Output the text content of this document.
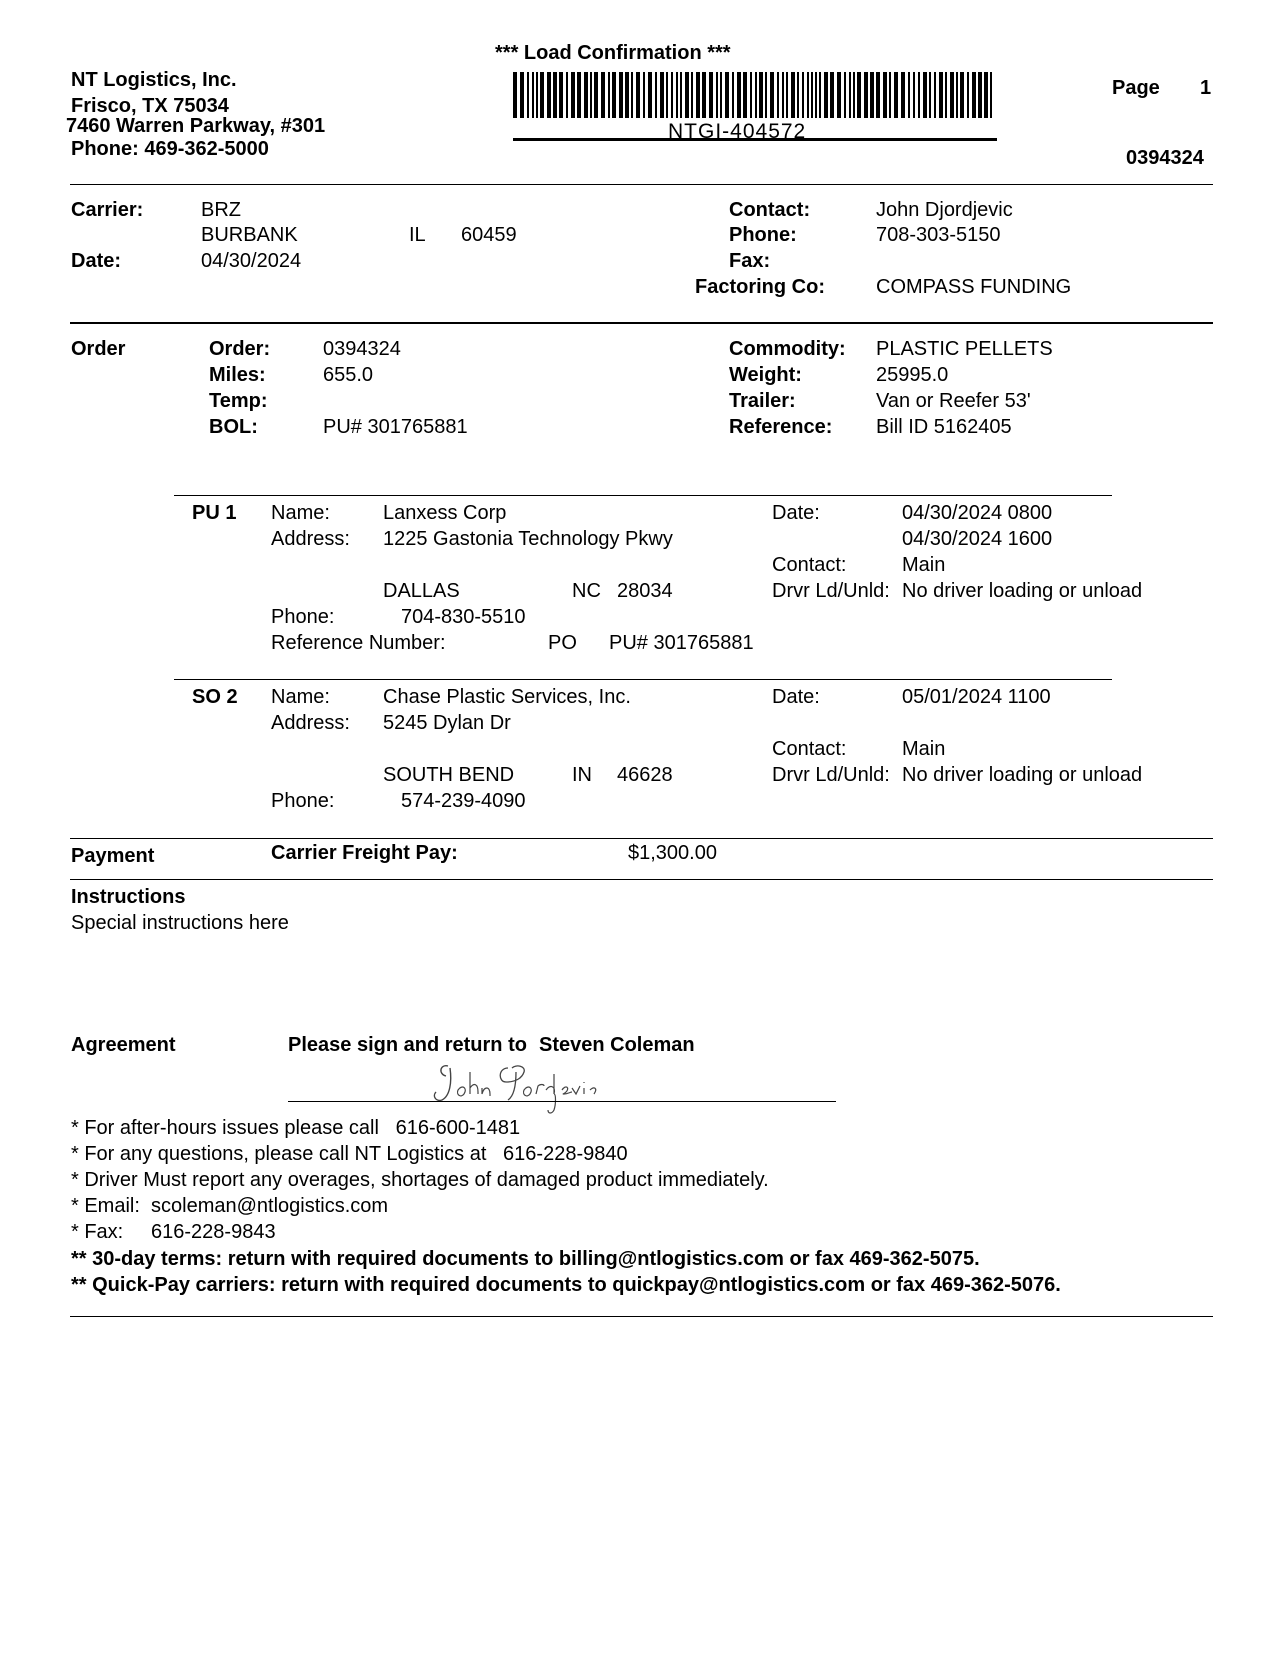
*** Load Confirmation ***
NT Logistics, Inc.
Frisco, TX 75034
7460 Warren Parkway, #301
Phone: 469-362-5000
NTGI-404572
Page 1
0394324
Carrier:	BRZ
BURBANK	IL 60459
Date:	04/30/2024
Contact:	John Djordjevic
Phone:	708-303-5150
Fax:
Factoring Co:	COMPASS FUNDING
Order	Order:	0394324
Miles:	655.0
Temp:
BOL:	PU# 301765881
Commodity: PLASTIC PELLETS
Weight:	25995.0
Trailer:	Van or Reefer 53'
Reference: Bill ID 5162405
PU 1 Name:	Lanxess Corp
Address: 1225 Gastonia Technology Pkwy
DALLAS	NC 28034
Phone:	704-830-5510
Reference Number:	PO PU# 301765881
Date:	04/30/2024 0800
04/30/2024 1600
Contact:	Main
Drvr Ld/Unld: No driver loading or unload
SO 2 Name:	Chase Plastic Services, Inc.
Address: 5245 Dylan Dr
SOUTH BEND	IN 46628
Phone:	574-239-4090
Date:	05/01/2024 1100
Contact:	Main
Drvr Ld/Unld: No driver loading or unload
Payment	Carrier Freight Pay:	$1,300.00
Instructions
Special instructions here
Agreement	Please sign and return to Steven Coleman
* For after-hours issues please call   616-600-1481
* For any questions, please call NT Logistics at   616-228-9840
* Driver Must report any overages, shortages of damaged product immediately.
* Email:  scoleman@ntlogistics.com
* Fax:     616-228-9843
** 30-day terms: return with required documents to billing@ntlogistics.com or fax 469-362-5075.
** Quick-Pay carriers: return with required documents to quickpay@ntlogistics.com or fax 469-362-5076.
